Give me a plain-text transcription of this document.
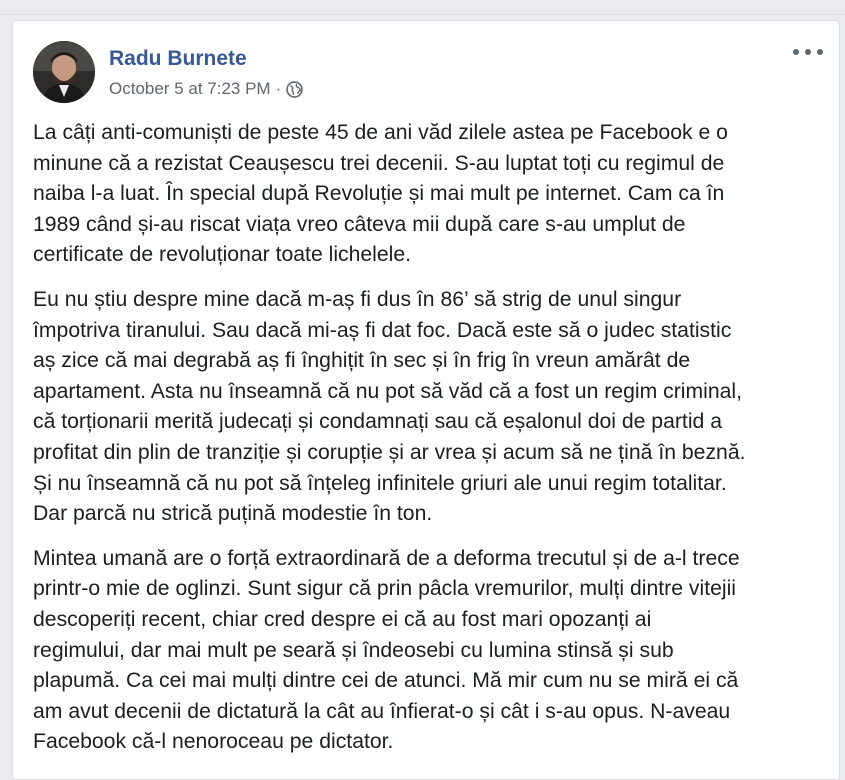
Radu Burnete
October 5 at 7:23 PM ·

La câți anti-comuniști de peste 45 de ani văd zilele astea pe Facebook e o
minune că a rezistat Ceaușescu trei decenii. S-au luptat toți cu regimul de
naiba l-a luat. În special după Revoluție și mai mult pe internet. Cam ca în
1989 când și-au riscat viața vreo câteva mii după care s-au umplut de
certificate de revoluționar toate lichelele.

Eu nu știu despre mine dacă m-aș fi dus în 86’ să strig de unul singur
împotriva tiranului. Sau dacă mi-aș fi dat foc. Dacă este să o judec statistic
aș zice că mai degrabă aș fi înghițit în sec și în frig în vreun amărât de
apartament. Asta nu înseamnă că nu pot să văd că a fost un regim criminal,
că torționarii merită judecați și condamnați sau că eșalonul doi de partid a
profitat din plin de tranziție și corupție și ar vrea și acum să ne țină în beznă.
Și nu înseamnă că nu pot să înțeleg infinitele griuri ale unui regim totalitar.
Dar parcă nu strică puțină modestie în ton.

Mintea umană are o forță extraordinară de a deforma trecutul și de a-l trece
printr-o mie de oglinzi. Sunt sigur că prin pâcla vremurilor, mulți dintre vitejii
descoperiți recent, chiar cred despre ei că au fost mari opozanți ai
regimului, dar mai mult pe seară și îndeosebi cu lumina stinsă și sub
plapumă. Ca cei mai mulți dintre cei de atunci. Mă mir cum nu se miră ei că
am avut decenii de dictatură la cât au înfierat-o și cât i s-au opus. N-aveau
Facebook că-l nenoroceau pe dictator.
